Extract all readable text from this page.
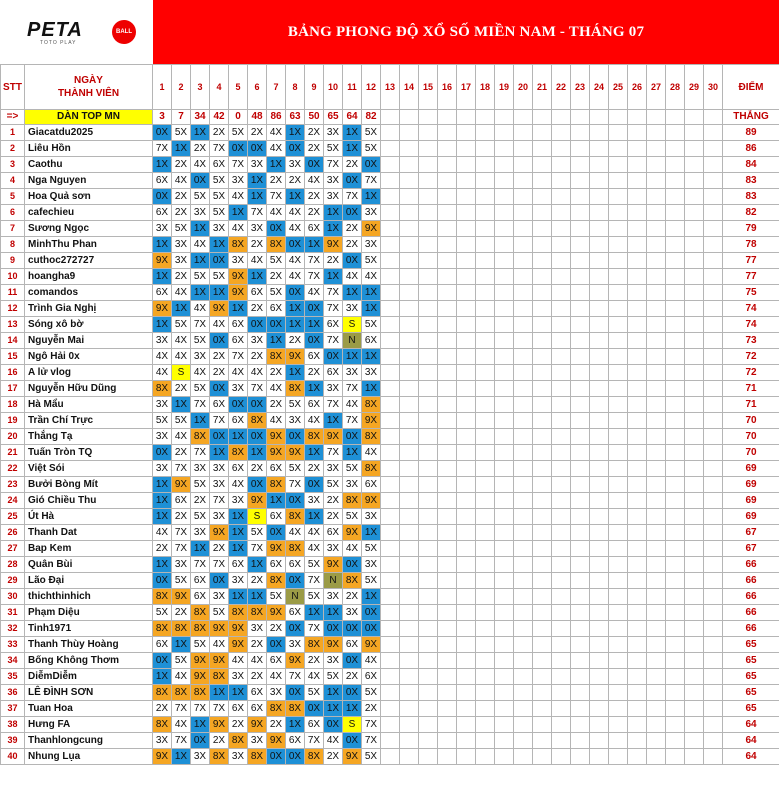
PETA	BALL
TOTO PLAY
BẢNG PHONG ĐỘ XỔ SỐ MIỀN NAM - THÁNG 07
STT	NGÀY
THÀNH VIÊN	1	2	3	4	5	6	7	8	9	10	11	12	13	14	15	16	17	18	19	20	21	22	23	24	25	26	27	28	29	30	ĐIỂM
=>	DÀN TOP MN	3	7	34	42	0	48	86	63	50	65	64	82																			THẮNG
1	Giacatdu2025	0X	5X	1X	2X	5X	2X	4X	1X	2X	3X	1X	5X																			89
2	Liêu Hồn	7X	1X	2X	7X	0X	0X	4X	0X	2X	5X	1X	5X																			86
3	Caothu	1X	2X	4X	6X	7X	3X	1X	3X	0X	7X	2X	0X																			84
4	Nga Nguyen	6X	4X	0X	5X	3X	1X	2X	2X	4X	3X	0X	7X																			83
5	Hoa Quả sơn	0X	2X	5X	5X	4X	1X	7X	1X	2X	3X	7X	1X																			83
6	cafechieu	6X	2X	3X	5X	1X	7X	4X	4X	2X	1X	0X	3X																			82
7	Sương Ngọc	3X	5X	1X	3X	4X	3X	0X	4X	6X	1X	2X	9X																			79
8	MinhThu Phan	1X	3X	4X	1X	8X	2X	8X	0X	1X	9X	2X	3X																			78
9	cuthoc272727	9X	3X	1X	0X	3X	4X	5X	4X	7X	2X	0X	5X																			77
10	hoangha9	1X	2X	5X	5X	9X	1X	2X	4X	7X	1X	4X	4X																			77
11	comandos	6X	4X	1X	1X	9X	6X	5X	0X	4X	7X	1X	1X																			75
12	Trình Gia Nghị	9X	1X	4X	9X	1X	2X	6X	1X	0X	7X	3X	1X																			74
13	Sóng xô bờ	1X	5X	7X	4X	6X	0X	0X	1X	1X	6X	S	5X																			74
14	Nguyễn Mai	3X	4X	5X	0X	6X	3X	1X	2X	0X	7X	N	6X																			73
15	Ngô Hải 0x	4X	4X	3X	2X	7X	2X	8X	9X	6X	0X	1X	1X																			72
16	A lử vlog	4X	S	4X	2X	4X	4X	2X	1X	2X	6X	3X	3X																			72
17	Nguyễn Hữu Dũng	8X	2X	5X	0X	3X	7X	4X	8X	1X	3X	7X	1X																			71
18	Hà Mẩu	3X	1X	7X	6X	0X	0X	2X	5X	6X	7X	4X	8X																			71
19	Trần Chí Trực	5X	5X	1X	7X	6X	8X	4X	3X	4X	1X	7X	9X																			70
20	Thắng Tạ	3X	4X	8X	0X	1X	0X	9X	0X	8X	9X	0X	8X																			70
21	Tuấn Tròn TQ	0X	2X	7X	1X	8X	1X	9X	9X	1X	7X	1X	4X																			70
22	Việt Sói	3X	7X	3X	3X	6X	2X	6X	5X	2X	3X	5X	8X																			69
23	Bưởi Bòng Mít	1X	9X	5X	3X	4X	0X	8X	7X	0X	5X	3X	6X																			69
24	Gió Chiều Thu	1X	6X	2X	7X	3X	9X	1X	0X	3X	2X	8X	9X																			69
25	Út Hà	1X	2X	5X	3X	1X	S	6X	8X	1X	2X	5X	3X																			69
26	Thanh Dat	4X	7X	3X	9X	1X	5X	0X	4X	4X	6X	9X	1X																			67
27	Bap Kem	2X	7X	1X	2X	1X	7X	9X	8X	4X	3X	4X	5X																			67
28	Quân Bùi	1X	3X	7X	7X	6X	1X	6X	6X	5X	9X	0X	3X																			66
29	Lão Đại	0X	5X	6X	0X	3X	2X	8X	0X	7X	N	8X	5X																			66
30	thichthinhich	8X	9X	6X	3X	1X	1X	5X	N	5X	3X	2X	1X																			66
31	Phạm Diệu	5X	2X	8X	5X	8X	8X	9X	6X	1X	1X	3X	0X																			66
32	Tinh1971	8X	8X	8X	9X	9X	3X	2X	0X	7X	0X	0X	0X																			66
33	Thanh Thùy Hoàng	6X	1X	5X	4X	9X	2X	0X	3X	8X	9X	6X	9X																			65
34	Bống Không Thơm	0X	5X	9X	9X	4X	4X	6X	9X	2X	3X	0X	4X																			65
35	DiễmDiễm	1X	4X	9X	8X	3X	2X	4X	7X	4X	5X	2X	6X																			65
36	LÊ ĐÌNH SƠN	8X	8X	8X	1X	1X	6X	3X	0X	5X	1X	0X	5X																			65
37	Tuan Hoa	2X	7X	7X	7X	6X	6X	8X	8X	0X	1X	1X	2X																			65
38	Hưng FA	8X	4X	1X	9X	2X	9X	2X	1X	6X	0X	S	7X																			64
39	Thanhlongcung	3X	7X	0X	2X	8X	3X	9X	6X	7X	4X	0X	7X																			64
40	Nhung Lụa	9X	1X	3X	8X	3X	8X	0X	0X	8X	2X	9X	5X																			64
